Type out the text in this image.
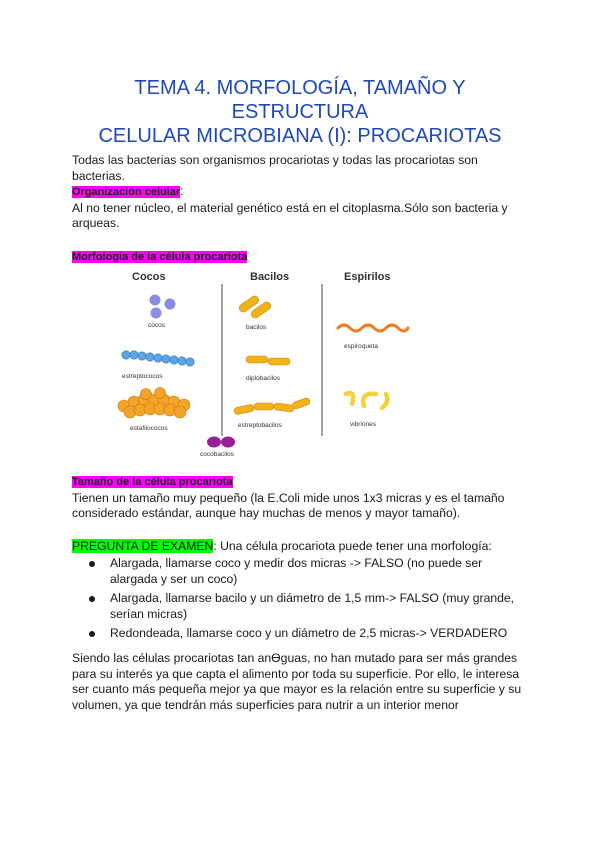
TEMA 4. MORFOLOGÍA, TAMAÑO Y
ESTRUCTURA
CELULAR MICROBIANA (I): PROCARIOTAS
Todas las bacterias son organismos procariotas y todas las procariotas son
bacterias.
Organización celular:
Al no tener núcleo, el material genético está en el citoplasma.Sólo son bacteria y
arqueas.
Morfología de la célula procariota
Cocos	Bacilos	Espirilos
cocos
estreptococos
estafilococos
cocobacilos
bacilos
diplobacilos
estreptobacilos
espiroqueta
vibriones
Tamaño de la célula procariota
Tienen un tamaño muy pequeño (la E.Coli mide unos 1x3 micras y es el tamaño
considerado estándar, aunque hay muchas de menos y mayor tamaño).
PREGUNTA DE EXAMEN: Una célula procariota puede tener una morfología:
Alargada, llamarse coco y medir dos micras -> FALSO (no puede ser
alargada y ser un coco)
Alargada, llamarse bacilo y un diámetro de 1,5 mm-> FALSO (muy grande,
serían micras)
Redondeada, llamarse coco y un diámetro de 2,5 micras-> VERDADERO
Siendo las células procariotas tan anϴguas, no han mutado para ser más grandes
para su interés ya que capta el alimento por toda su superficie. Por ello, le interesa
ser cuanto más pequeña mejor ya que mayor es la relación entre su superficie y su
volumen, ya que tendrán más superficies para nutrir a un interior menor
